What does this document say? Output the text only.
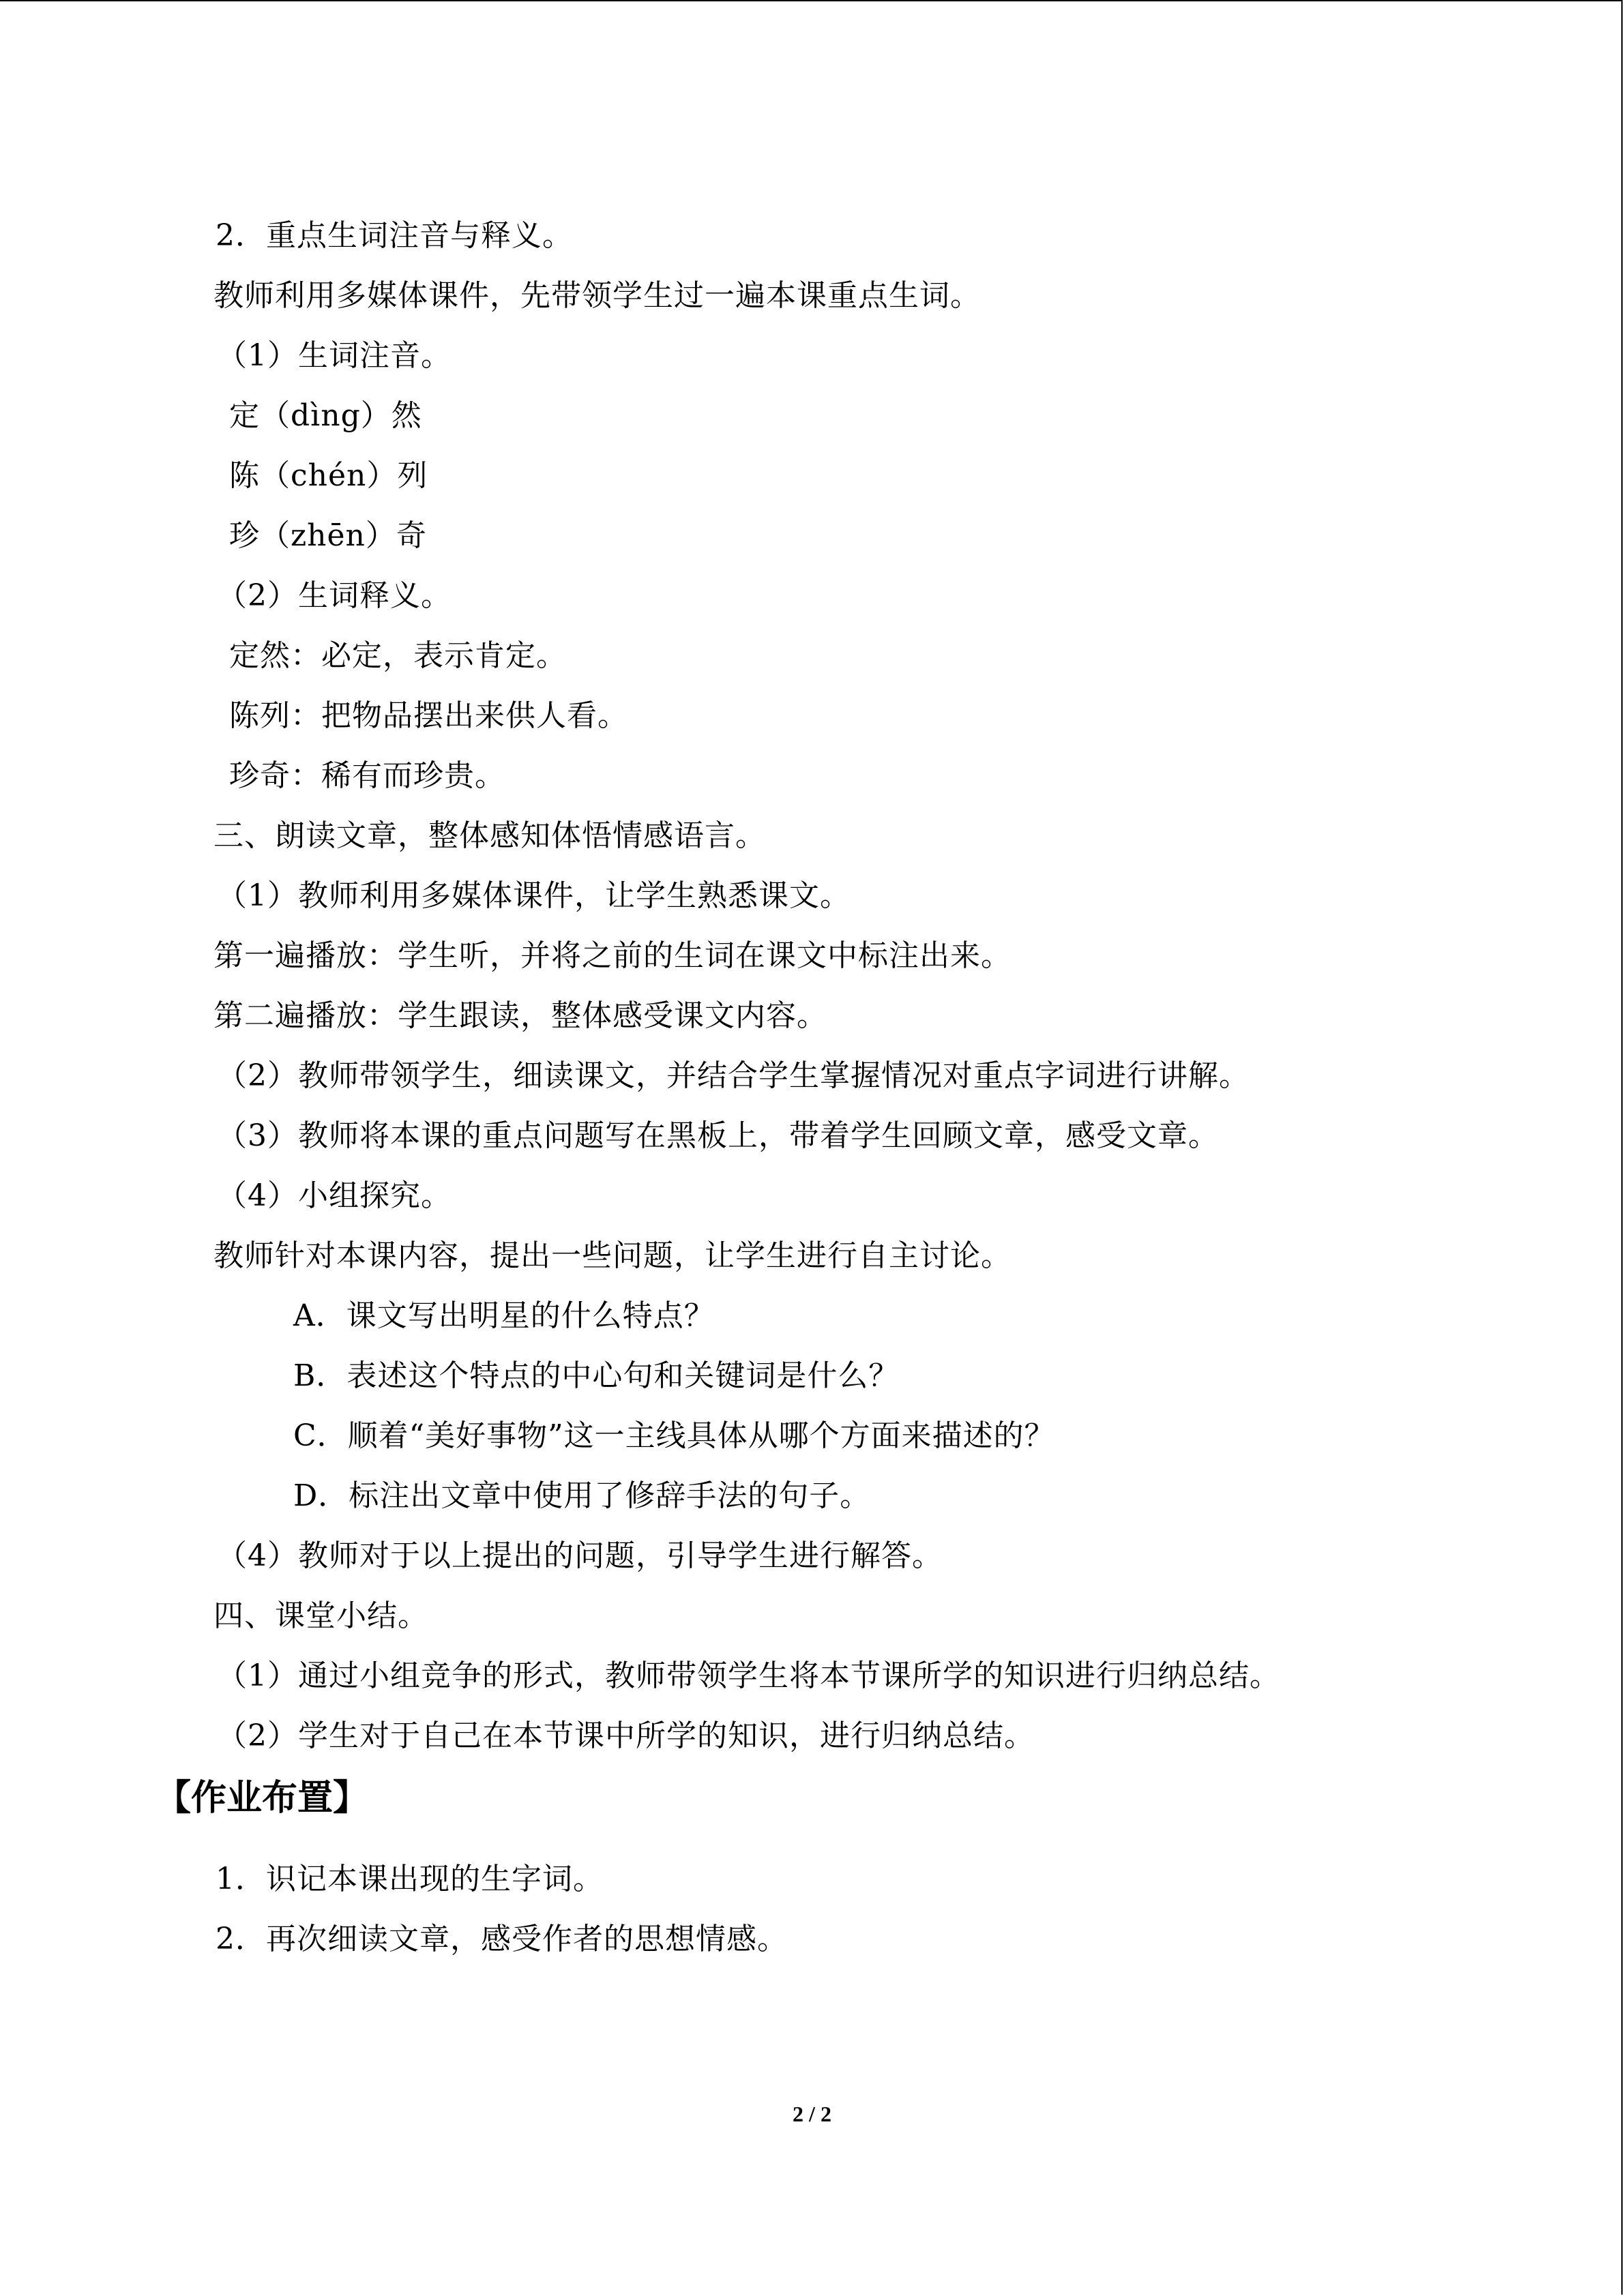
2．重点生词注音与释义。
教师利用多媒体课件，先带领学生过一遍本课重点生词。
（1）生词注音。
定（dìng）然
陈（chén）列
珍（zhēn）奇
（2）生词释义。
定然：必定，表示肯定。
陈列：把物品摆出来供人看。
珍奇：稀有而珍贵。
三、朗读文章，整体感知体悟情感语言。
（1）教师利用多媒体课件，让学生熟悉课文。
第一遍播放：学生听，并将之前的生词在课文中标注出来。
第二遍播放：学生跟读，整体感受课文内容。
（2）教师带领学生，细读课文，并结合学生掌握情况对重点字词进行讲解。
（3）教师将本课的重点问题写在黑板上，带着学生回顾文章，感受文章。
（4）小组探究。
教师针对本课内容，提出一些问题，让学生进行自主讨论。
A．课文写出明星的什么特点？
B．表述这个特点的中心句和关键词是什么？
C．顺着“美好事物”这一主线具体从哪个方面来描述的？
D．标注出文章中使用了修辞手法的句子。
（4）教师对于以上提出的问题，引导学生进行解答。
四、课堂小结。
（1）通过小组竞争的形式，教师带领学生将本节课所学的知识进行归纳总结。
（2）学生对于自己在本节课中所学的知识，进行归纳总结。
【作业布置】
1．识记本课出现的生字词。
2．再次细读文章，感受作者的思想情感。
2 / 2
